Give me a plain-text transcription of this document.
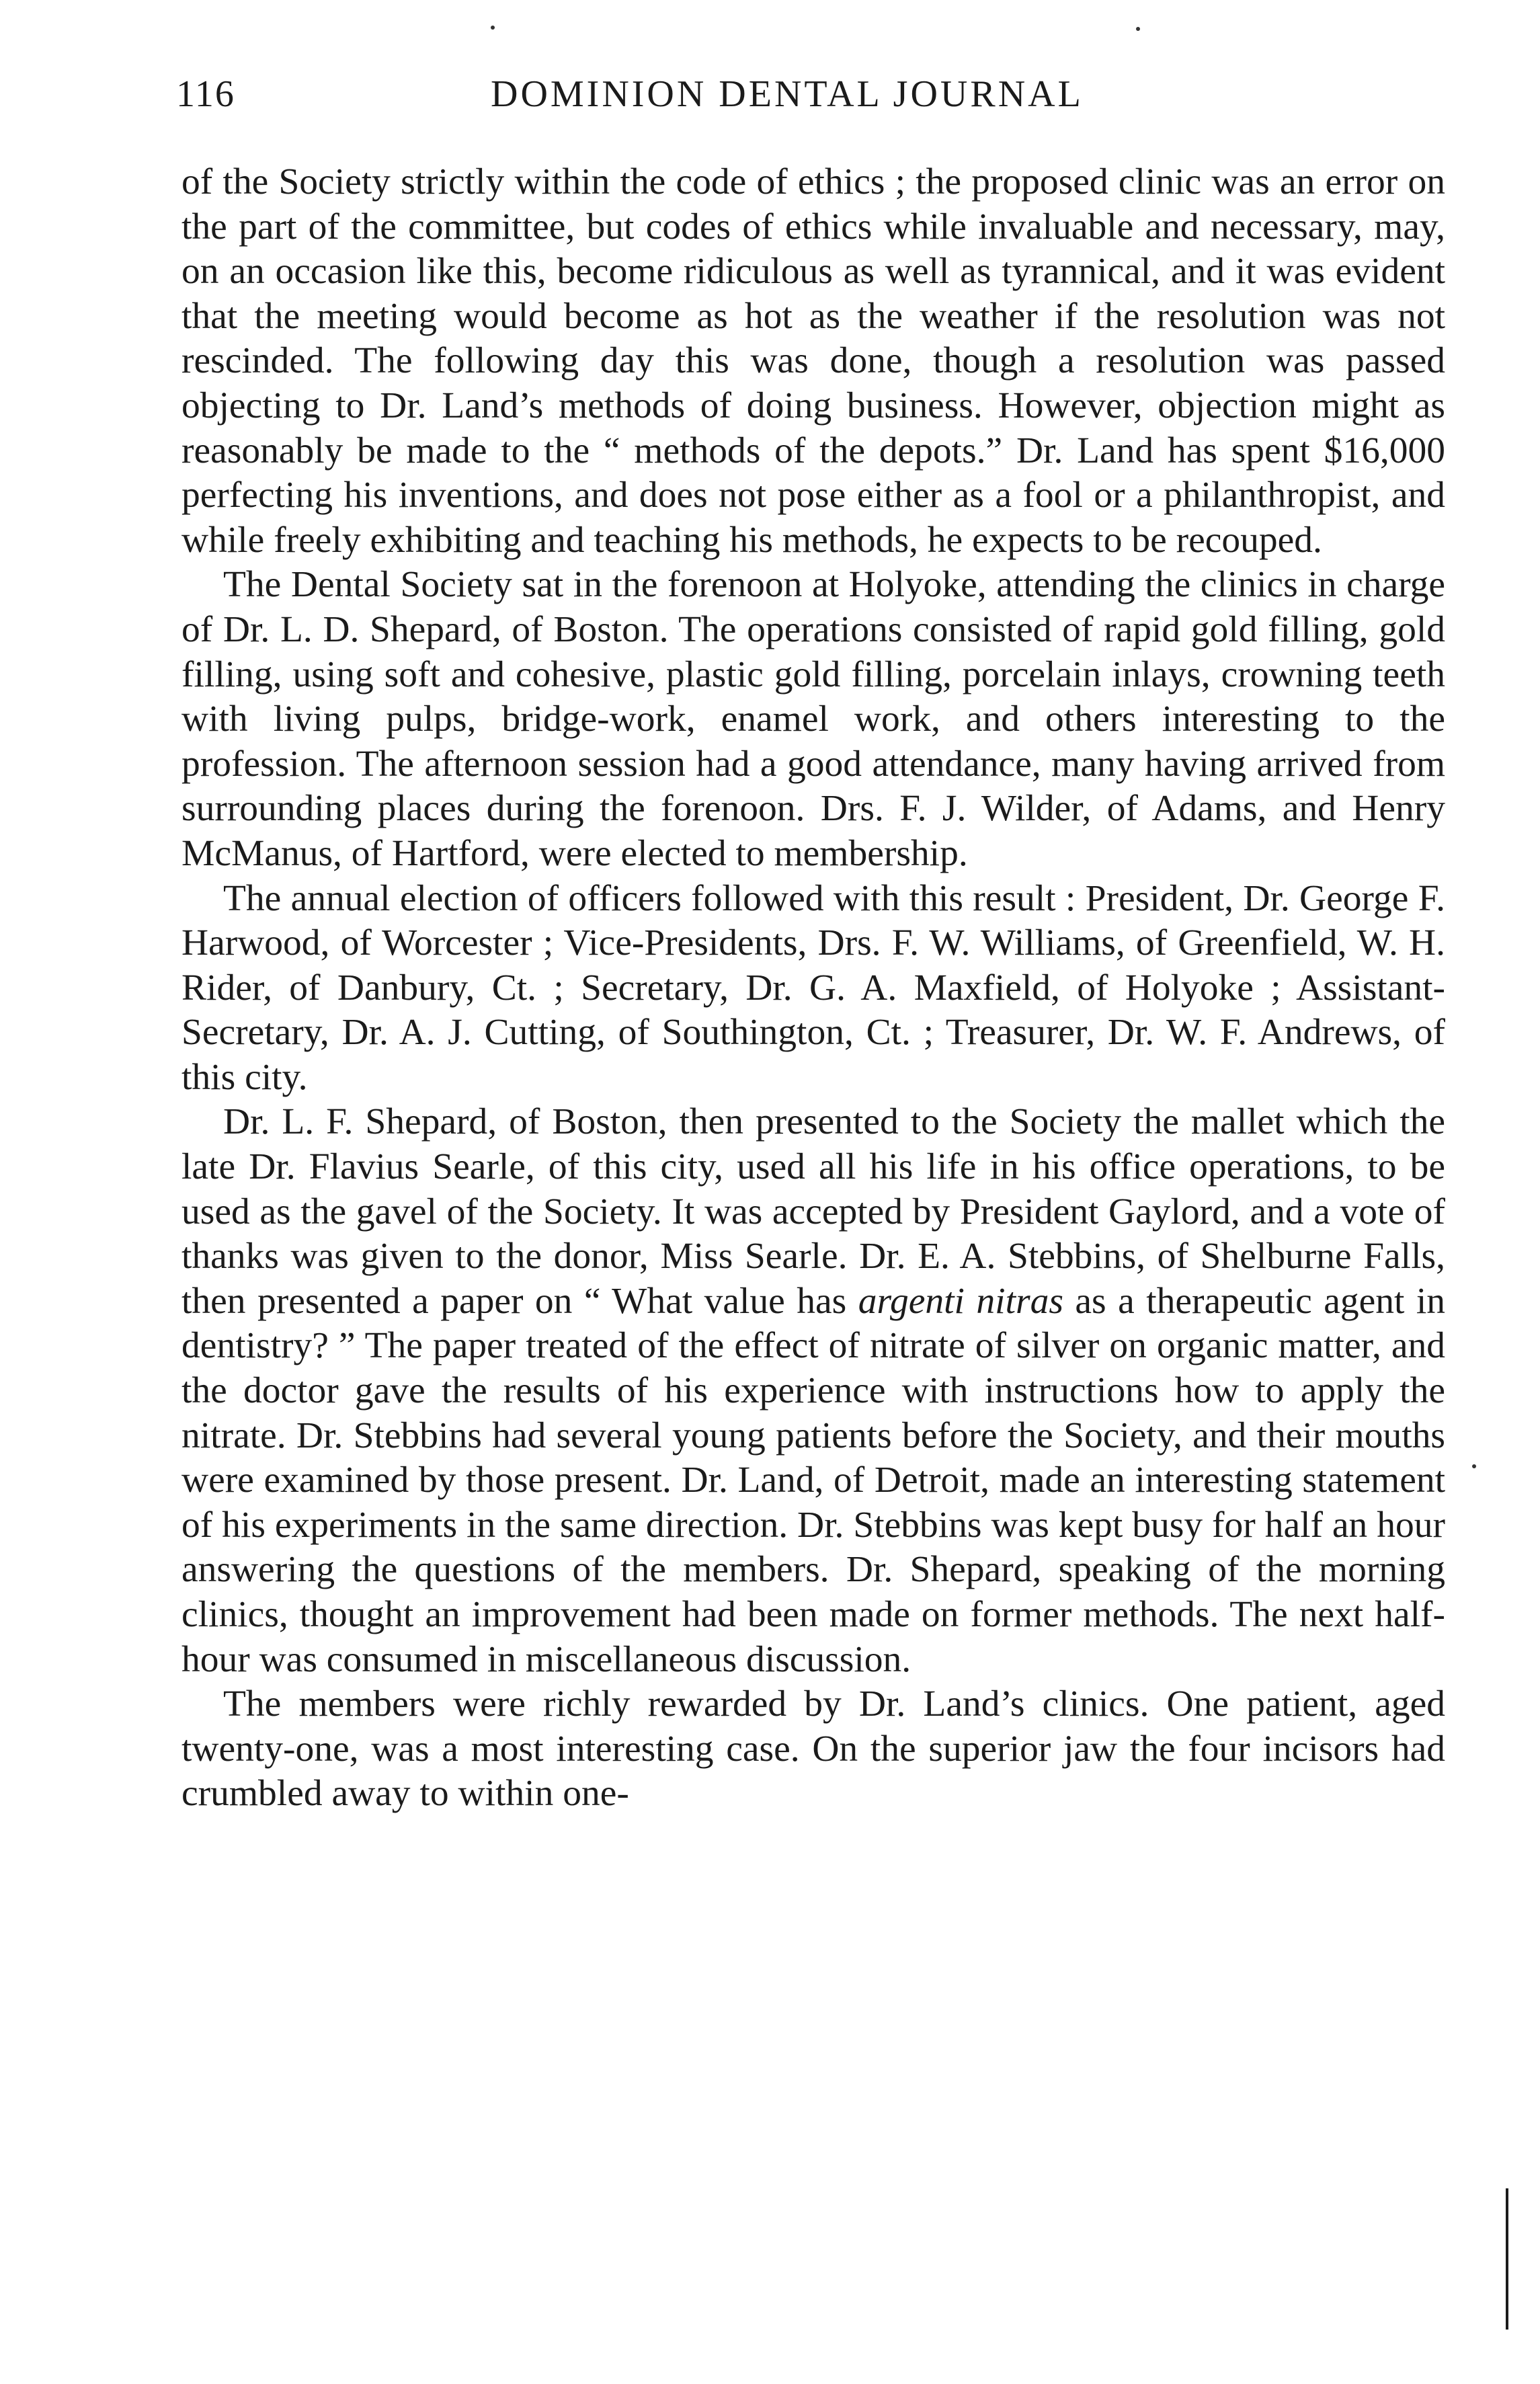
116	DOMINION DENTAL JOURNAL

of the Society strictly within the code of ethics ; the proposed clinic was an error on the part of the committee, but codes of ethics while invaluable and necessary, may, on an occasion like this, become ridiculous as well as tyrannical, and it was evident that the meeting would become as hot as the weather if the resolution was not rescinded. The following day this was done, though a resolution was passed objecting to Dr. Land’s methods of doing business. However, objection might as reasonably be made to the “ methods of the depots.” Dr. Land has spent $16,000 perfecting his inventions, and does not pose either as a fool or a philanthropist, and while freely exhibiting and teaching his methods, he expects to be recouped.

The Dental Society sat in the forenoon at Holyoke, attending the clinics in charge of Dr. L. D. Shepard, of Boston. The operations consisted of rapid gold filling, gold filling, using soft and cohesive, plastic gold filling, porcelain inlays, crowning teeth with living pulps, bridge-work, enamel work, and others interesting to the profession. The afternoon session had a good attendance, many having arrived from surrounding places during the forenoon. Drs. F. J. Wilder, of Adams, and Henry McManus, of Hartford, were elected to membership.

The annual election of officers followed with this result : President, Dr. George F. Harwood, of Worcester ; Vice-Presidents, Drs. F. W. Williams, of Greenfield, W. H. Rider, of Danbury, Ct. ; Secretary, Dr. G. A. Maxfield, of Holyoke ; Assistant-Secretary, Dr. A. J. Cutting, of Southington, Ct. ; Treasurer, Dr. W. F. Andrews, of this city.

Dr. L. F. Shepard, of Boston, then presented to the Society the mallet which the late Dr. Flavius Searle, of this city, used all his life in his office operations, to be used as the gavel of the Society. It was accepted by President Gaylord, and a vote of thanks was given to the donor, Miss Searle. Dr. E. A. Stebbins, of Shelburne Falls, then presented a paper on “ What value has argenti nitras as a therapeutic agent in dentistry? ” The paper treated of the effect of nitrate of silver on organic matter, and the doctor gave the results of his experience with instructions how to apply the nitrate. Dr. Stebbins had several young patients before the Society, and their mouths were examined by those present. Dr. Land, of Detroit, made an interesting statement of his experiments in the same direction. Dr. Stebbins was kept busy for half an hour answering the questions of the members. Dr. Shepard, speaking of the morning clinics, thought an improvement had been made on former methods. The next half-hour was consumed in miscellaneous discussion.

The members were richly rewarded by Dr. Land’s clinics. One patient, aged twenty-one, was a most interesting case. On the superior jaw the four incisors had crumbled away to within one-
